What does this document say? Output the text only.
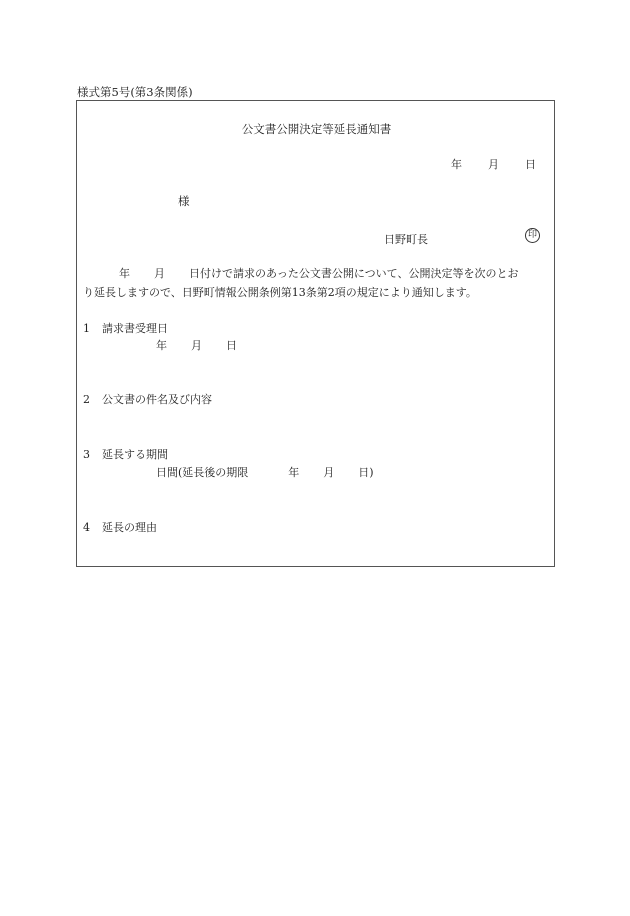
様式第5号(第3条関係)
公文書公開決定等延長通知書
年 月 日
様
日野町長	印
年 月 日付けで請求のあった公文書公開について、公開決定等を次のとお
り延長しますので、日野町情報公開条例第13条第2項の規定により通知します。
1 請求書受理日
年 月 日
2 公文書の件名及び内容
3 延長する期間
日間(延長後の期限	年 月 日)
4 延長の理由
